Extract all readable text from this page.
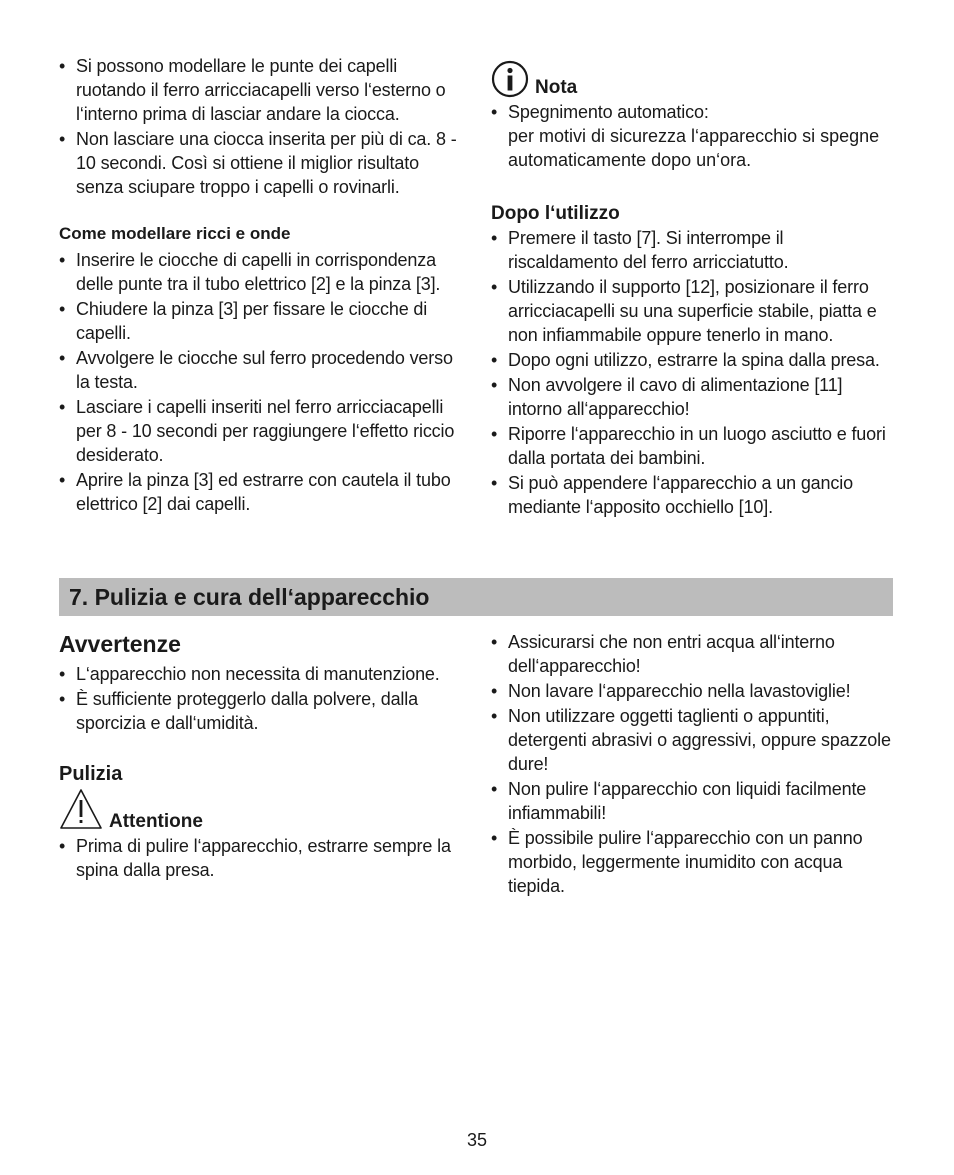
• Si possono modellare le punte dei capelli ruotando il ferro arricciacapelli verso l‘esterno o l‘interno prima di lasciar andare la ciocca.
• Non lasciare una ciocca inserita per più di ca. 8 - 10 secondi. Così si ottiene il miglior risultato senza sciupare troppo i capelli o rovinarli.
Come modellare ricci e onde
• Inserire le ciocche di capelli in corrispondenza delle punte tra il tubo elettrico [2] e la pinza [3].
• Chiudere la pinza [3] per fissare le ciocche di capelli.
• Avvolgere le ciocche sul ferro procedendo verso la testa.
• Lasciare i capelli inseriti nel ferro arricciacapelli per 8 - 10 secondi per raggiungere l‘effetto riccio desiderato.
• Aprire la pinza [3] ed estrarre con cautela il tubo elettrico [2] dai capelli.
Nota
• Spegnimento automatico:
per motivi di sicurezza l‘apparecchio si spegne automaticamente dopo un‘ora.
Dopo l‘utilizzo
• Premere il tasto [7]. Si interrompe il riscaldamento del ferro arricciatutto.
• Utilizzando il supporto [12], posizionare il ferro arricciacapelli su una superficie stabile, piatta e non infiammabile oppure tenerlo in mano.
• Dopo ogni utilizzo, estrarre la spina dalla presa.
• Non avvolgere il cavo di alimentazione [11] intorno all‘apparecchio!
• Riporre l‘apparecchio in un luogo asciutto e fuori dalla portata dei bambini.
• Si può appendere l‘apparecchio a un gancio mediante l‘apposito occhiello [10].
7. Pulizia e cura dell‘apparecchio
Avvertenze
• L‘apparecchio non necessita di manutenzione.
• È sufficiente proteggerlo dalla polvere, dalla sporcizia e dall‘umidità.
Pulizia
Attentione
• Prima di pulire l‘apparecchio, estrarre sempre la spina dalla presa.
• Assicurarsi che non entri acqua all‘interno dell‘apparecchio!
• Non lavare l‘apparecchio nella lavastoviglie!
• Non utilizzare oggetti taglienti o appuntiti, detergenti abrasivi o aggressivi, oppure spazzole dure!
• Non pulire l‘apparecchio con liquidi facilmente infiammabili!
• È possibile pulire l‘apparecchio con un panno morbido, leggermente inumidito con acqua tiepida.
35
